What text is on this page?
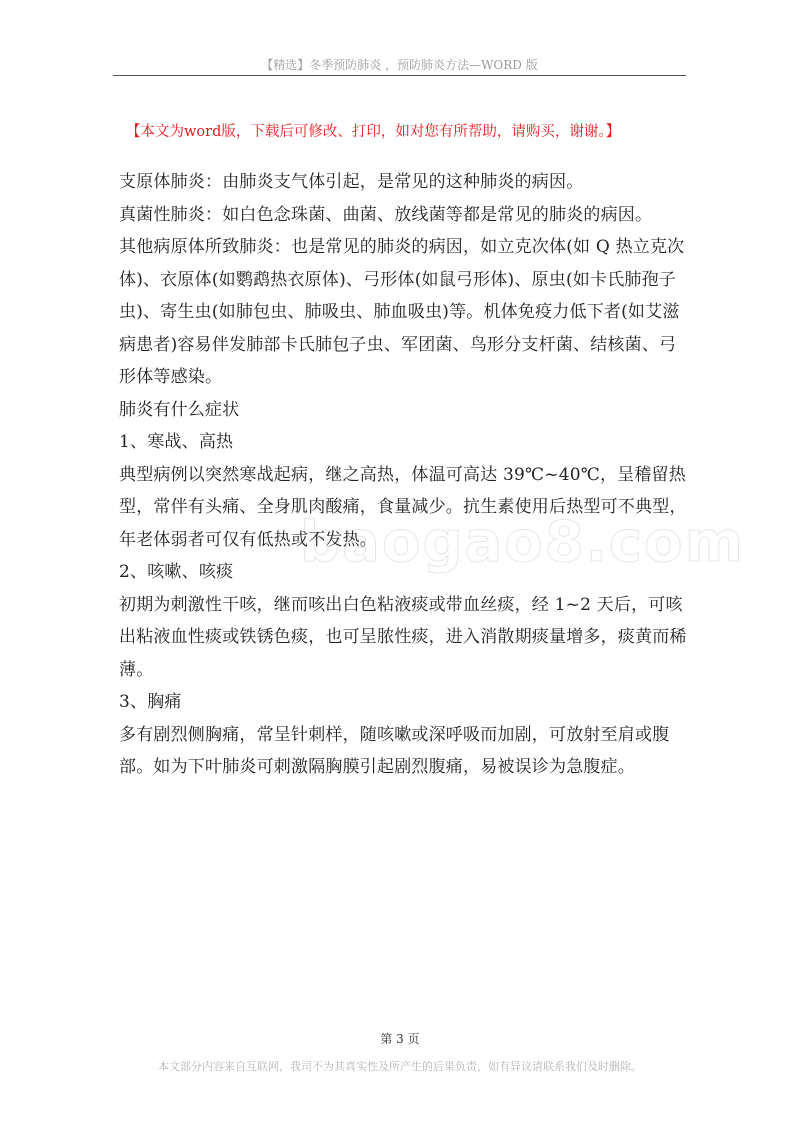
【精选】冬季预防肺炎 ，预防肺炎方法—WORD 版
【本文为word版，下载后可修改、打印，如对您有所帮助，请购买，谢谢。】
baogao8.com

支原体肺炎：由肺炎支气体引起，是常见的这种肺炎的病因。

真菌性肺炎：如白色念珠菌、曲菌、放线菌等都是常见的肺炎的病因。

其他病原体所致肺炎：也是常见的肺炎的病因，如立克次体(如 Q 热立克次体)、衣原体(如鹦鹉热衣原体)、弓形体(如鼠弓形体)、原虫(如卡氏肺孢子虫)、寄生虫(如肺包虫、肺吸虫、肺血吸虫)等。机体免疫力低下者(如艾滋病患者)容易伴发肺部卡氏肺包子虫、军团菌、鸟形分支杆菌、结核菌、弓形体等感染。

肺炎有什么症状

1、寒战、高热

典型病例以突然寒战起病，继之高热，体温可高达 39℃~40℃，呈稽留热型，常伴有头痛、全身肌肉酸痛，食量减少。抗生素使用后热型可不典型，年老体弱者可仅有低热或不发热。

2、咳嗽、咳痰

初期为刺激性干咳，继而咳出白色粘液痰或带血丝痰，经 1~2 天后，可咳出粘液血性痰或铁锈色痰，也可呈脓性痰，进入消散期痰量增多，痰黄而稀薄。

3、胸痛

多有剧烈侧胸痛，常呈针刺样，随咳嗽或深呼吸而加剧，可放射至肩或腹部。如为下叶肺炎可刺激隔胸膜引起剧烈腹痛，易被误诊为急腹症。

第 3 页
本文部分内容来自互联网，我司不为其真实性及所产生的后果负责，如有异议请联系我们及时删除。
